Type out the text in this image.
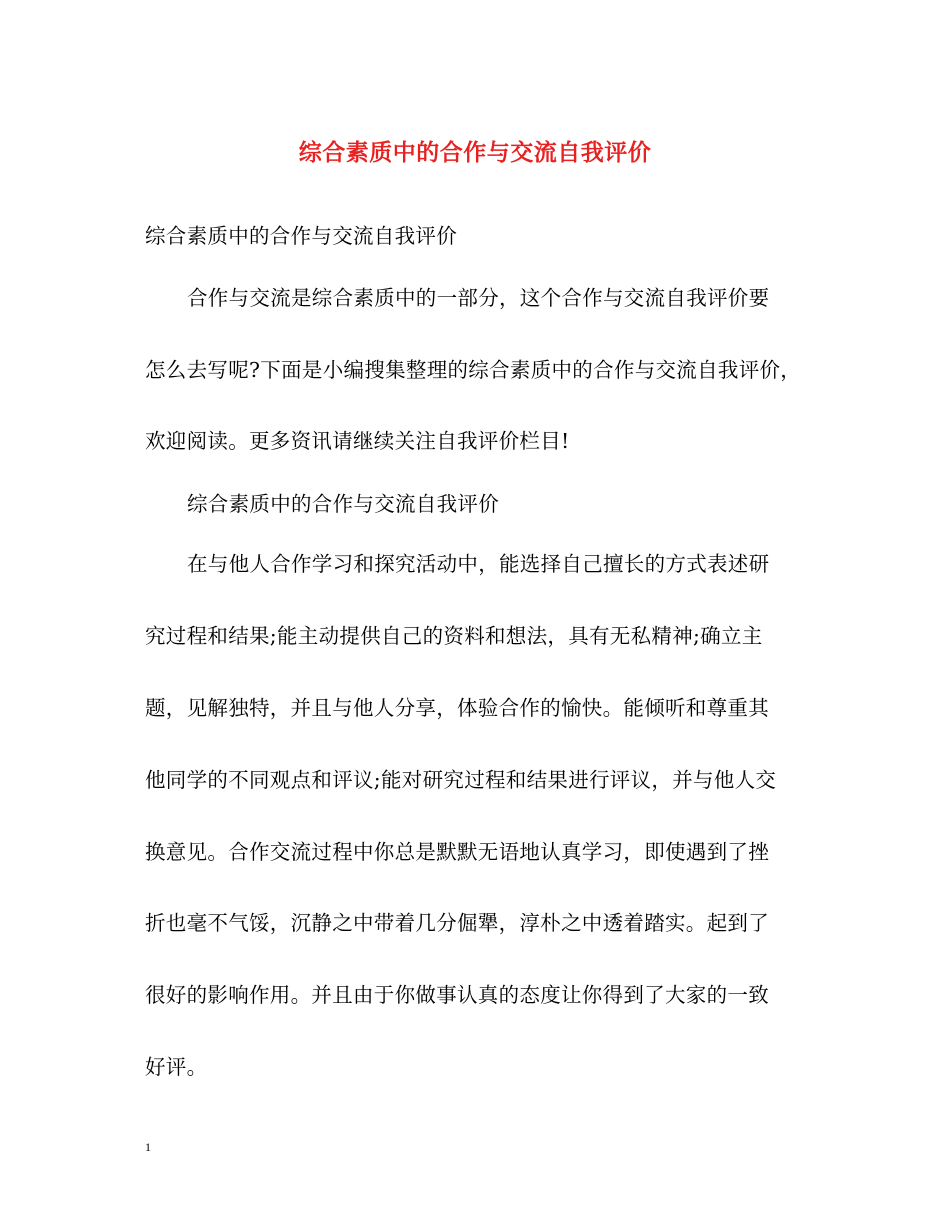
综合素质中的合作与交流自我评价
综合素质中的合作与交流自我评价
合作与交流是综合素质中的一部分，这个合作与交流自我评价要
怎么去写呢?下面是小编搜集整理的综合素质中的合作与交流自我评价，
欢迎阅读。更多资讯请继续关注自我评价栏目!
综合素质中的合作与交流自我评价
在与他人合作学习和探究活动中，能选择自己擅长的方式表述研
究过程和结果;能主动提供自己的资料和想法，具有无私精神;确立主
题，见解独特，并且与他人分享，体验合作的愉快。能倾听和尊重其
他同学的不同观点和评议;能对研究过程和结果进行评议，并与他人交
换意见。合作交流过程中你总是默默无语地认真学习，即使遇到了挫
折也毫不气馁，沉静之中带着几分倔犟，淳朴之中透着踏实。起到了
很好的影响作用。并且由于你做事认真的态度让你得到了大家的一致
好评。
1
